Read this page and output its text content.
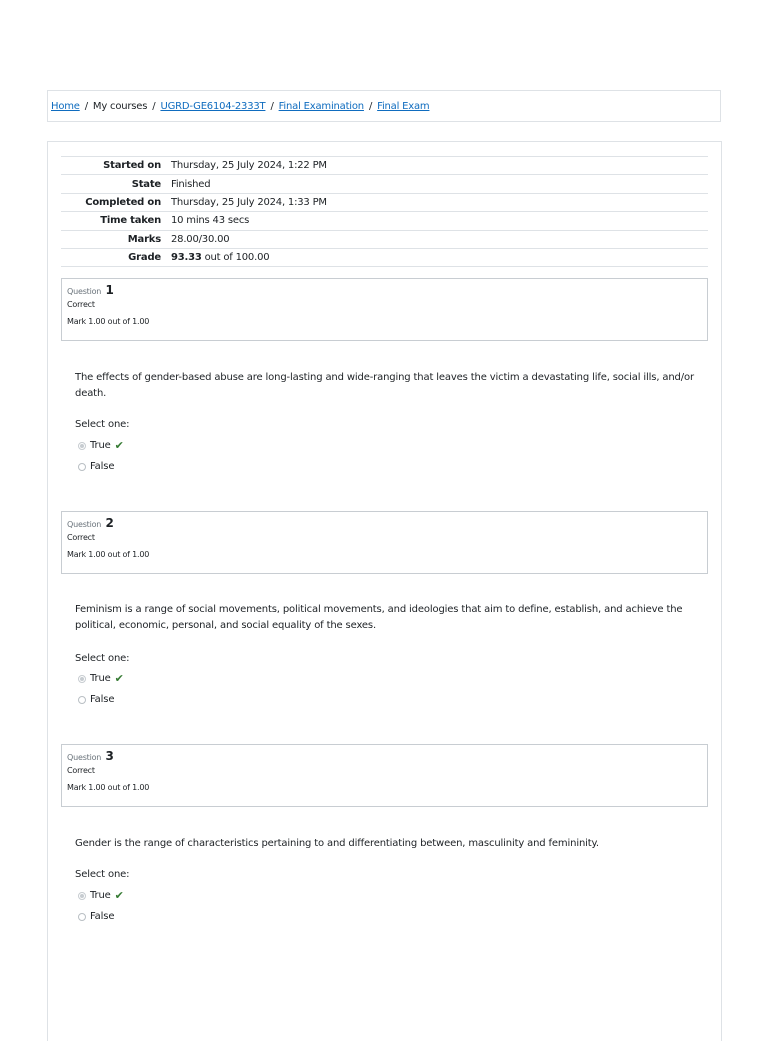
Home / My courses / UGRD-GE6104-2333T / Final Examination / Final Exam
Started on	Thursday, 25 July 2024, 1:22 PM
State	Finished
Completed on	Thursday, 25 July 2024, 1:33 PM
Time taken	10 mins 43 secs
Marks	28.00/30.00
Grade	93.33 out of 100.00
Question 1
Correct
Mark 1.00 out of 1.00
The effects of gender-based abuse are long-lasting and wide-ranging that leaves the victim a devastating life, social ills, and/or death.
Select one:
True ✔
False
Question 2
Correct
Mark 1.00 out of 1.00
Feminism is a range of social movements, political movements, and ideologies that aim to define, establish, and achieve the political, economic, personal, and social equality of the sexes.
Select one:
True ✔
False
Question 3
Correct
Mark 1.00 out of 1.00
Gender is the range of characteristics pertaining to and differentiating between, masculinity and femininity.
Select one:
True ✔
False
